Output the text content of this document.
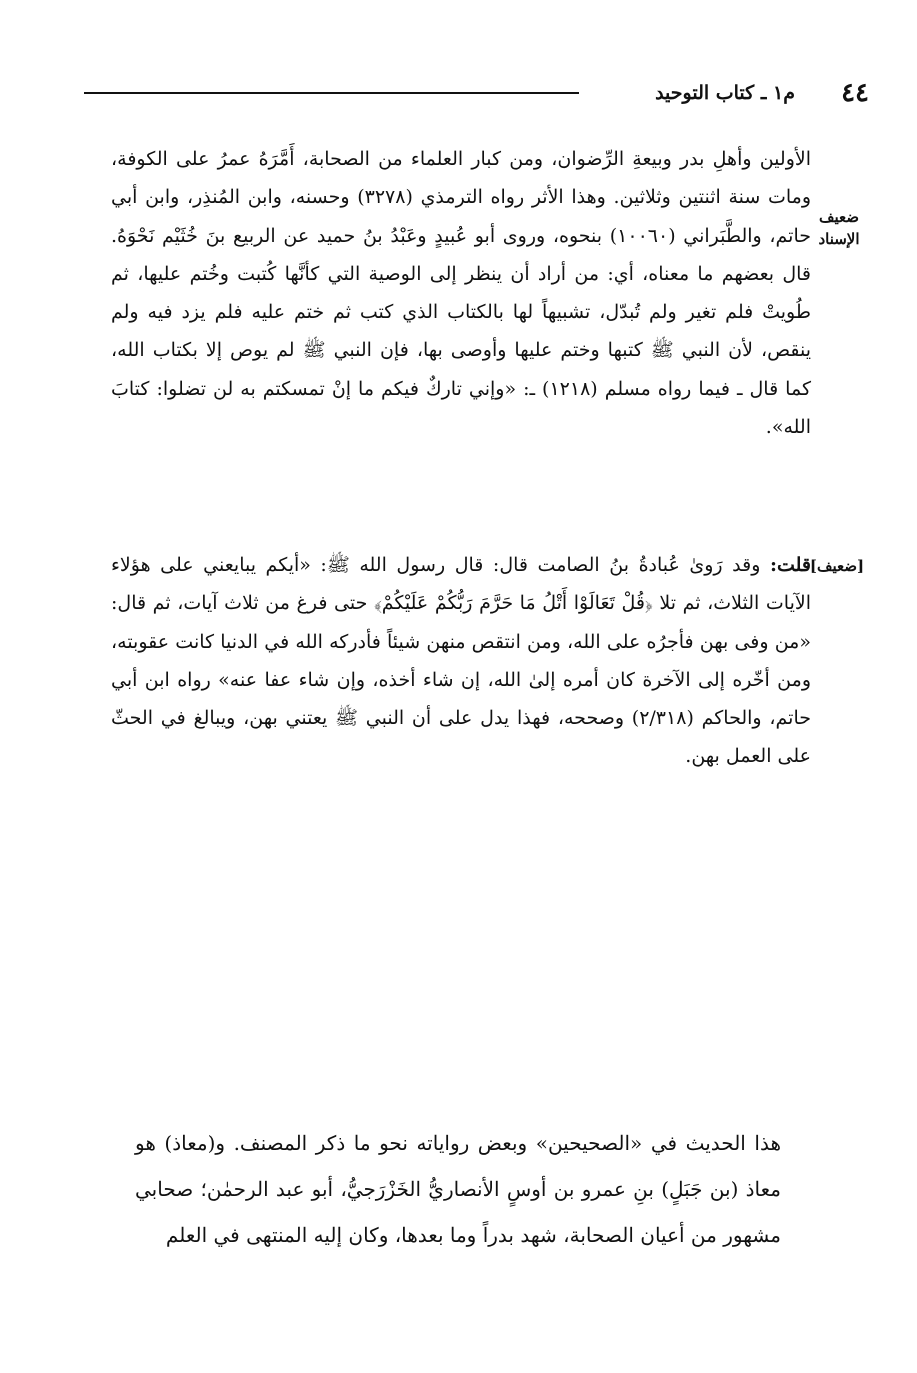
٤٤
م١ ـ كتاب التوحيد
ضعيف الإسناد
[ضعيف]

الأولين وأهلِ بدر وبيعةِ الرِّضوان، ومن كبار العلماء من الصحابة، أَمَّرَهُ عمرُ على الكوفة، ومات سنة اثنتين وثلاثين. وهذا الأثر رواه الترمذي (٣٢٧٨) وحسنه، وابن المُنذِر، وابن أبي حاتم، والطَّبَراني (١٠٠٦٠) بنحوه، وروى أبو عُبيدٍ وعَبْدُ بنُ حميد عن الربيع بنَ خُثَيْم نَحْوَهُ. قال بعضهم ما معناه، أي: من أراد أن ينظر إلى الوصية التي كأنَّها كُتبت وخُتم عليها، ثم طُويتْ فلم تغير ولم تُبدّل، تشبيهاً لها بالكتاب الذي كتب ثم ختم عليه فلم يزد فيه ولم ينقص، لأن النبي ﷺ كتبها وختم عليها وأوصى بها، فإن النبي ﷺ لم يوص إلا بكتاب الله، كما قال ـ فيما رواه مسلم (١٢١٨) ـ: «وإني تاركٌ فيكم ما إنْ تمسكتم به لن تضلوا: كتابَ الله».

قلت: وقد رَوىٰ عُبادةُ بنُ الصامت قال: قال رسول الله ﷺ: «أيكم يبايعني على هؤلاء الآيات الثلاث، ثم تلا ﴿قُلْ تَعَالَوْا أَتْلُ مَا حَرَّمَ رَبُّكُمْ عَلَيْكُمْ﴾ حتى فرغ من ثلاث آيات، ثم قال: «من وفى بهن فأجرُه على الله، ومن انتقص منهن شيئاً فأدركه الله في الدنيا كانت عقوبته، ومن أخّره إلى الآخرة كان أمره إلىٰ الله، إن شاء أخذه، وإن شاء عفا عنه» رواه ابن أبي حاتم، والحاكم (٢/٣١٨) وصححه، فهذا يدل على أن النبي ﷺ يعتني بهن، ويبالغ في الحثّ على العمل بهن.

هذا الحديث في «الصحيحين» وبعض رواياته نحو ما ذكر المصنف. و(معاذ) هو معاذ (بن جَبَلٍ) بنِ عمرو بن أوسٍ الأنصاريُّ الخَزْرَجيُّ، أبو عبد الرحمٰن؛ صحابي مشهور من أعيان الصحابة، شهد بدراً وما بعدها، وكان إليه المنتهى في العلم
